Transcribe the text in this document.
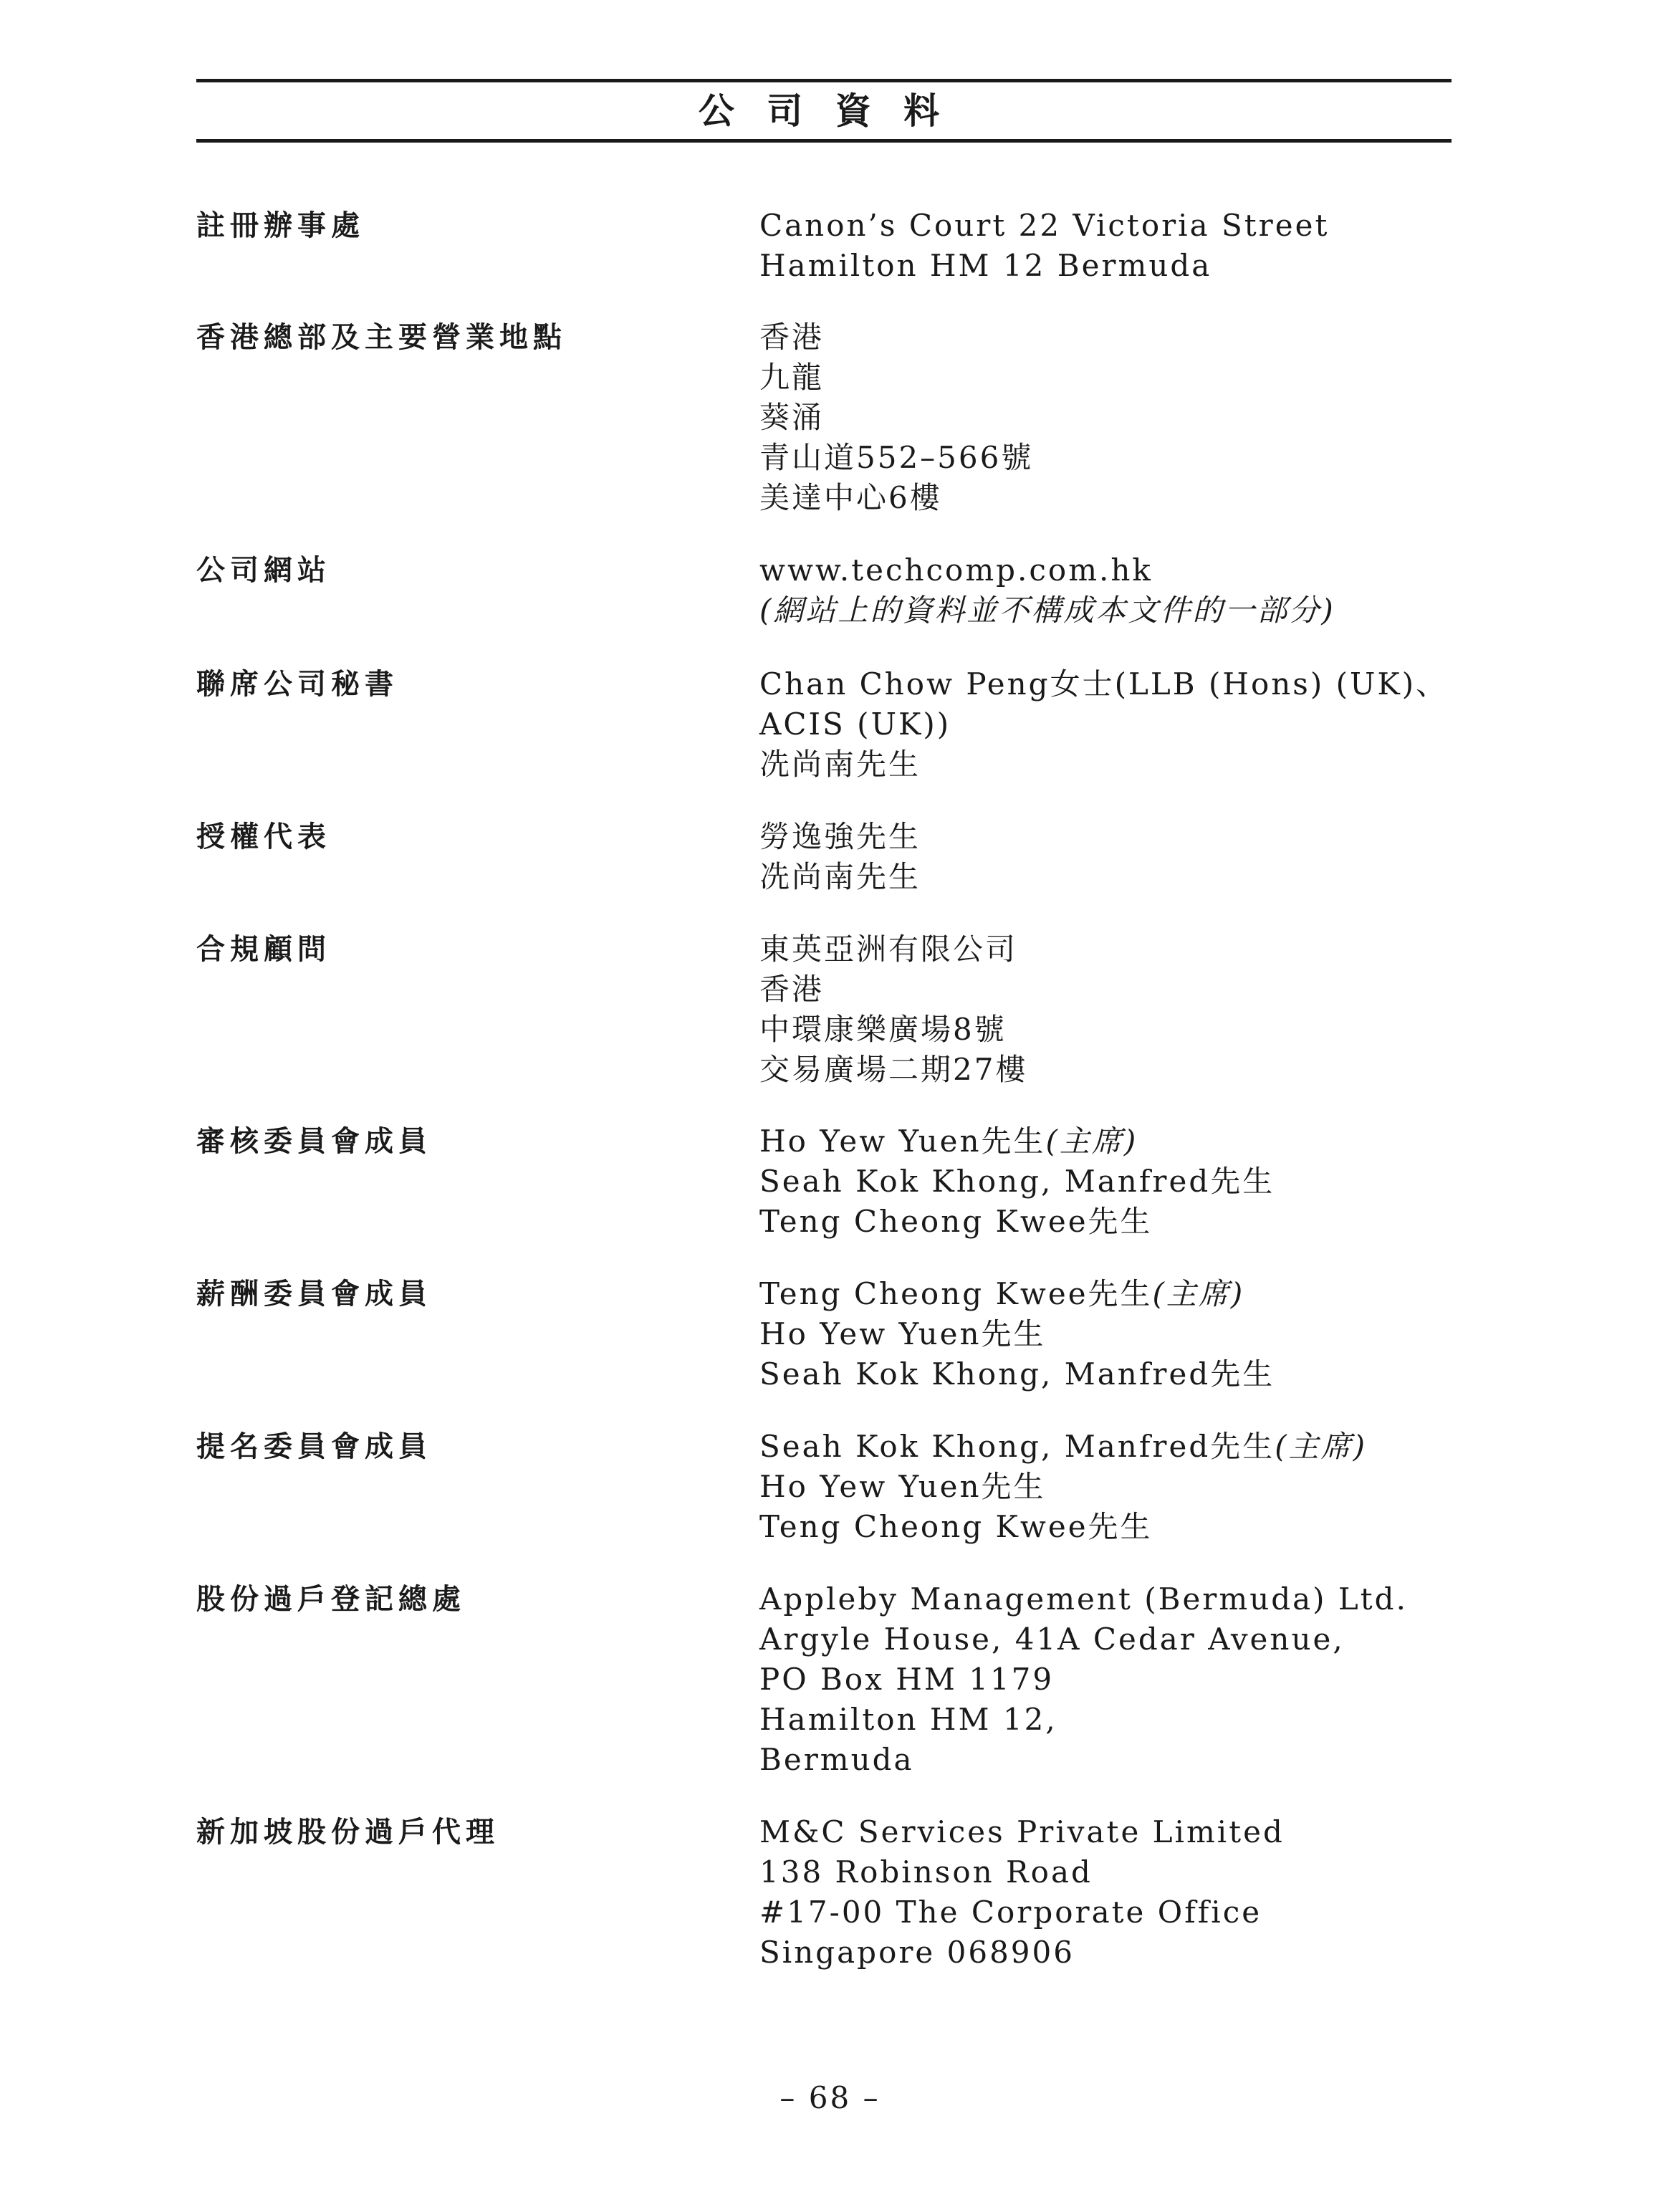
公 司 資 料
註冊辦事處	Canon’s Court 22 Victoria Street
Hamilton HM 12 Bermuda
香港總部及主要營業地點	香港
九龍
葵涌
青山道552–566號
美達中心6樓
公司網站	www.techcomp.com.hk
(網站上的資料並不構成本文件的一部分)
聯席公司秘書	Chan Chow Peng女士(LLB (Hons) (UK)、
ACIS (UK))
冼尚南先生
授權代表	勞逸強先生
冼尚南先生
合規顧問	東英亞洲有限公司
香港
中環康樂廣場8號
交易廣場二期27樓
審核委員會成員	Ho Yew Yuen先生(主席)
Seah Kok Khong, Manfred先生
Teng Cheong Kwee先生
薪酬委員會成員	Teng Cheong Kwee先生(主席)
Ho Yew Yuen先生
Seah Kok Khong, Manfred先生
提名委員會成員	Seah Kok Khong, Manfred先生(主席)
Ho Yew Yuen先生
Teng Cheong Kwee先生
股份過戶登記總處	Appleby Management (Bermuda) Ltd.
Argyle House, 41A Cedar Avenue,
PO Box HM 1179
Hamilton HM 12,
Bermuda
新加坡股份過戶代理	M&C Services Private Limited
138 Robinson Road
#17-00 The Corporate Office
Singapore 068906
– 68 –
